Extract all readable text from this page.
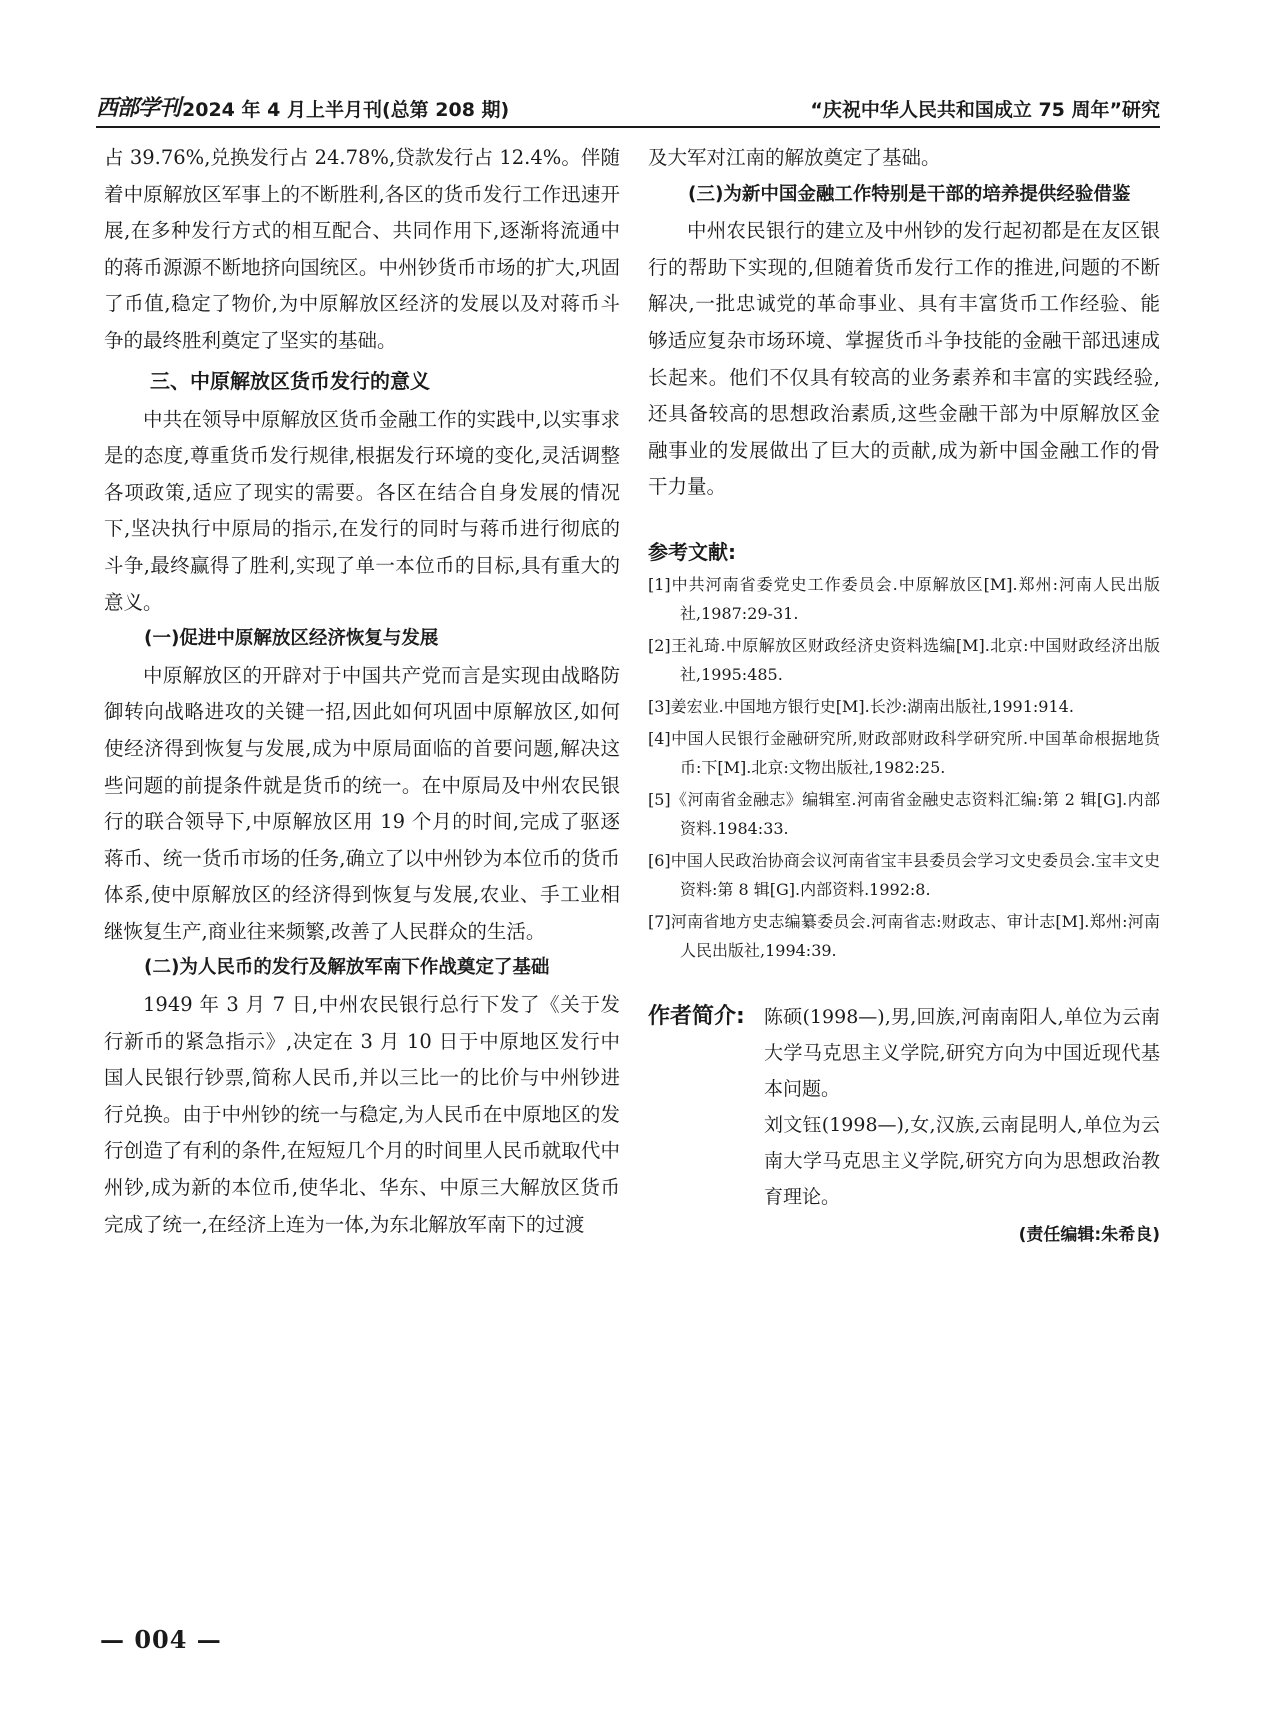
西部学刊 2024 年 4 月上半月刊(总第 208 期)	“庆祝中华人民共和国成立 75 周年”研究

占 39.76%,兑换发行占 24.78%,贷款发行占 12.4%。伴随着中原解放区军事上的不断胜利,各区的货币发行工作迅速开展,在多种发行方式的相互配合、共同作用下,逐渐将流通中的蒋币源源不断地挤向国统区。中州钞货币市场的扩大,巩固了币值,稳定了物价,为中原解放区经济的发展以及对蒋币斗争的最终胜利奠定了坚实的基础。

三、中原解放区货币发行的意义

中共在领导中原解放区货币金融工作的实践中,以实事求是的态度,尊重货币发行规律,根据发行环境的变化,灵活调整各项政策,适应了现实的需要。各区在结合自身发展的情况下,坚决执行中原局的指示,在发行的同时与蒋币进行彻底的斗争,最终赢得了胜利,实现了单一本位币的目标,具有重大的意义。

(一)促进中原解放区经济恢复与发展

中原解放区的开辟对于中国共产党而言是实现由战略防御转向战略进攻的关键一招,因此如何巩固中原解放区,如何使经济得到恢复与发展,成为中原局面临的首要问题,解决这些问题的前提条件就是货币的统一。在中原局及中州农民银行的联合领导下,中原解放区用 19 个月的时间,完成了驱逐蒋币、统一货币市场的任务,确立了以中州钞为本位币的货币体系,使中原解放区的经济得到恢复与发展,农业、手工业相继恢复生产,商业往来频繁,改善了人民群众的生活。

(二)为人民币的发行及解放军南下作战奠定了基础

1949 年 3 月 7 日,中州农民银行总行下发了《关于发行新币的紧急指示》,决定在 3 月 10 日于中原地区发行中国人民银行钞票,简称人民币,并以三比一的比价与中州钞进行兑换。由于中州钞的统一与稳定,为人民币在中原地区的发行创造了有利的条件,在短短几个月的时间里人民币就取代中州钞,成为新的本位币,使华北、华东、中原三大解放区货币完成了统一,在经济上连为一体,为东北解放军南下的过渡

及大军对江南的解放奠定了基础。

(三)为新中国金融工作特别是干部的培养提供经验借鉴

中州农民银行的建立及中州钞的发行起初都是在友区银行的帮助下实现的,但随着货币发行工作的推进,问题的不断解决,一批忠诚党的革命事业、具有丰富货币工作经验、能够适应复杂市场环境、掌握货币斗争技能的金融干部迅速成长起来。他们不仅具有较高的业务素养和丰富的实践经验,还具备较高的思想政治素质,这些金融干部为中原解放区金融事业的发展做出了巨大的贡献,成为新中国金融工作的骨干力量。

参考文献:
[1]中共河南省委党史工作委员会.中原解放区[M].郑州:河南人民出版社,1987:29-31.
[2]王礼琦.中原解放区财政经济史资料选编[M].北京:中国财政经济出版社,1995:485.
[3]姜宏业.中国地方银行史[M].长沙:湖南出版社,1991:914.
[4]中国人民银行金融研究所,财政部财政科学研究所.中国革命根据地货币:下[M].北京:文物出版社,1982:25.
[5]《河南省金融志》编辑室.河南省金融史志资料汇编:第 2 辑[G].内部资料.1984:33.
[6]中国人民政治协商会议河南省宝丰县委员会学习文史委员会.宝丰文史资料:第 8 辑[G].内部资料.1992:8.
[7]河南省地方史志编纂委员会.河南省志:财政志、审计志[M].郑州:河南人民出版社,1994:39.
作者简介:	陈硕(1998—),男,回族,河南南阳人,单位为云南大学马克思主义学院,研究方向为中国近现代基本问题。

刘文钰(1998—),女,汉族,云南昆明人,单位为云南大学马克思主义学院,研究方向为思想政治教育理论。

(责任编辑:朱希良)
— 004 —
